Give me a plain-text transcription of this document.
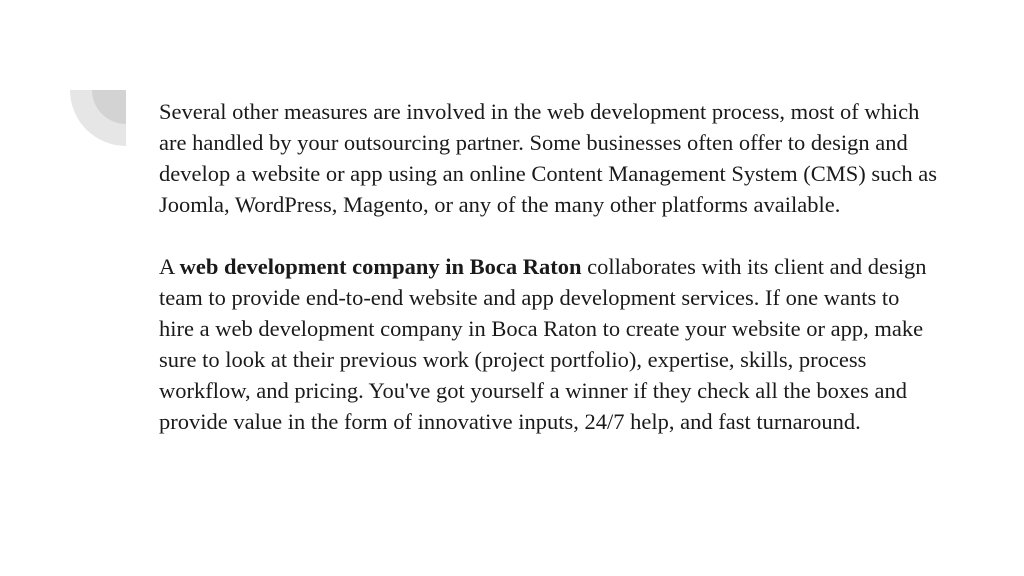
Several other measures are involved in the web development process, most of which are handled by your outsourcing partner. Some businesses often offer to design and develop a website or app using an online Content Management System (CMS) such as Joomla, WordPress, Magento, or any of the many other platforms available.

A web development company in Boca Raton collaborates with its client and design team to provide end-to-end website and app development services. If one wants to hire a web development company in Boca Raton to create your website or app, make sure to look at their previous work (project portfolio), expertise, skills, process workflow, and pricing. You've got yourself a winner if they check all the boxes and provide value in the form of innovative inputs, 24/7 help, and fast turnaround.
